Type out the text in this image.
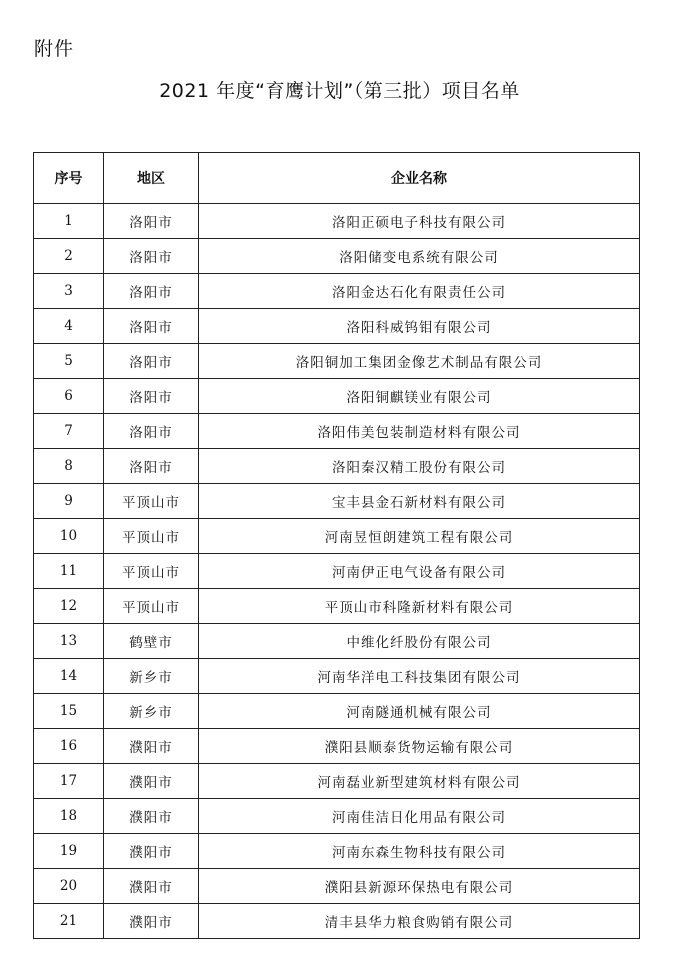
附件
2021 年度“育鹰计划”（第三批）项目名单
序号	地区	企业名称
1	洛阳市	洛阳正硕电子科技有限公司
2	洛阳市	洛阳储变电系统有限公司
3	洛阳市	洛阳金达石化有限责任公司
4	洛阳市	洛阳科威钨钼有限公司
5	洛阳市	洛阳铜加工集团金像艺术制品有限公司
6	洛阳市	洛阳铜麒镁业有限公司
7	洛阳市	洛阳伟美包装制造材料有限公司
8	洛阳市	洛阳秦汉精工股份有限公司
9	平顶山市	宝丰县金石新材料有限公司
10	平顶山市	河南昱恒朗建筑工程有限公司
11	平顶山市	河南伊正电气设备有限公司
12	平顶山市	平顶山市科隆新材料有限公司
13	鹤壁市	中维化纤股份有限公司
14	新乡市	河南华洋电工科技集团有限公司
15	新乡市	河南隧通机械有限公司
16	濮阳市	濮阳县顺泰货物运输有限公司
17	濮阳市	河南磊业新型建筑材料有限公司
18	濮阳市	河南佳洁日化用品有限公司
19	濮阳市	河南东森生物科技有限公司
20	濮阳市	濮阳县新源环保热电有限公司
21	濮阳市	清丰县华力粮食购销有限公司
